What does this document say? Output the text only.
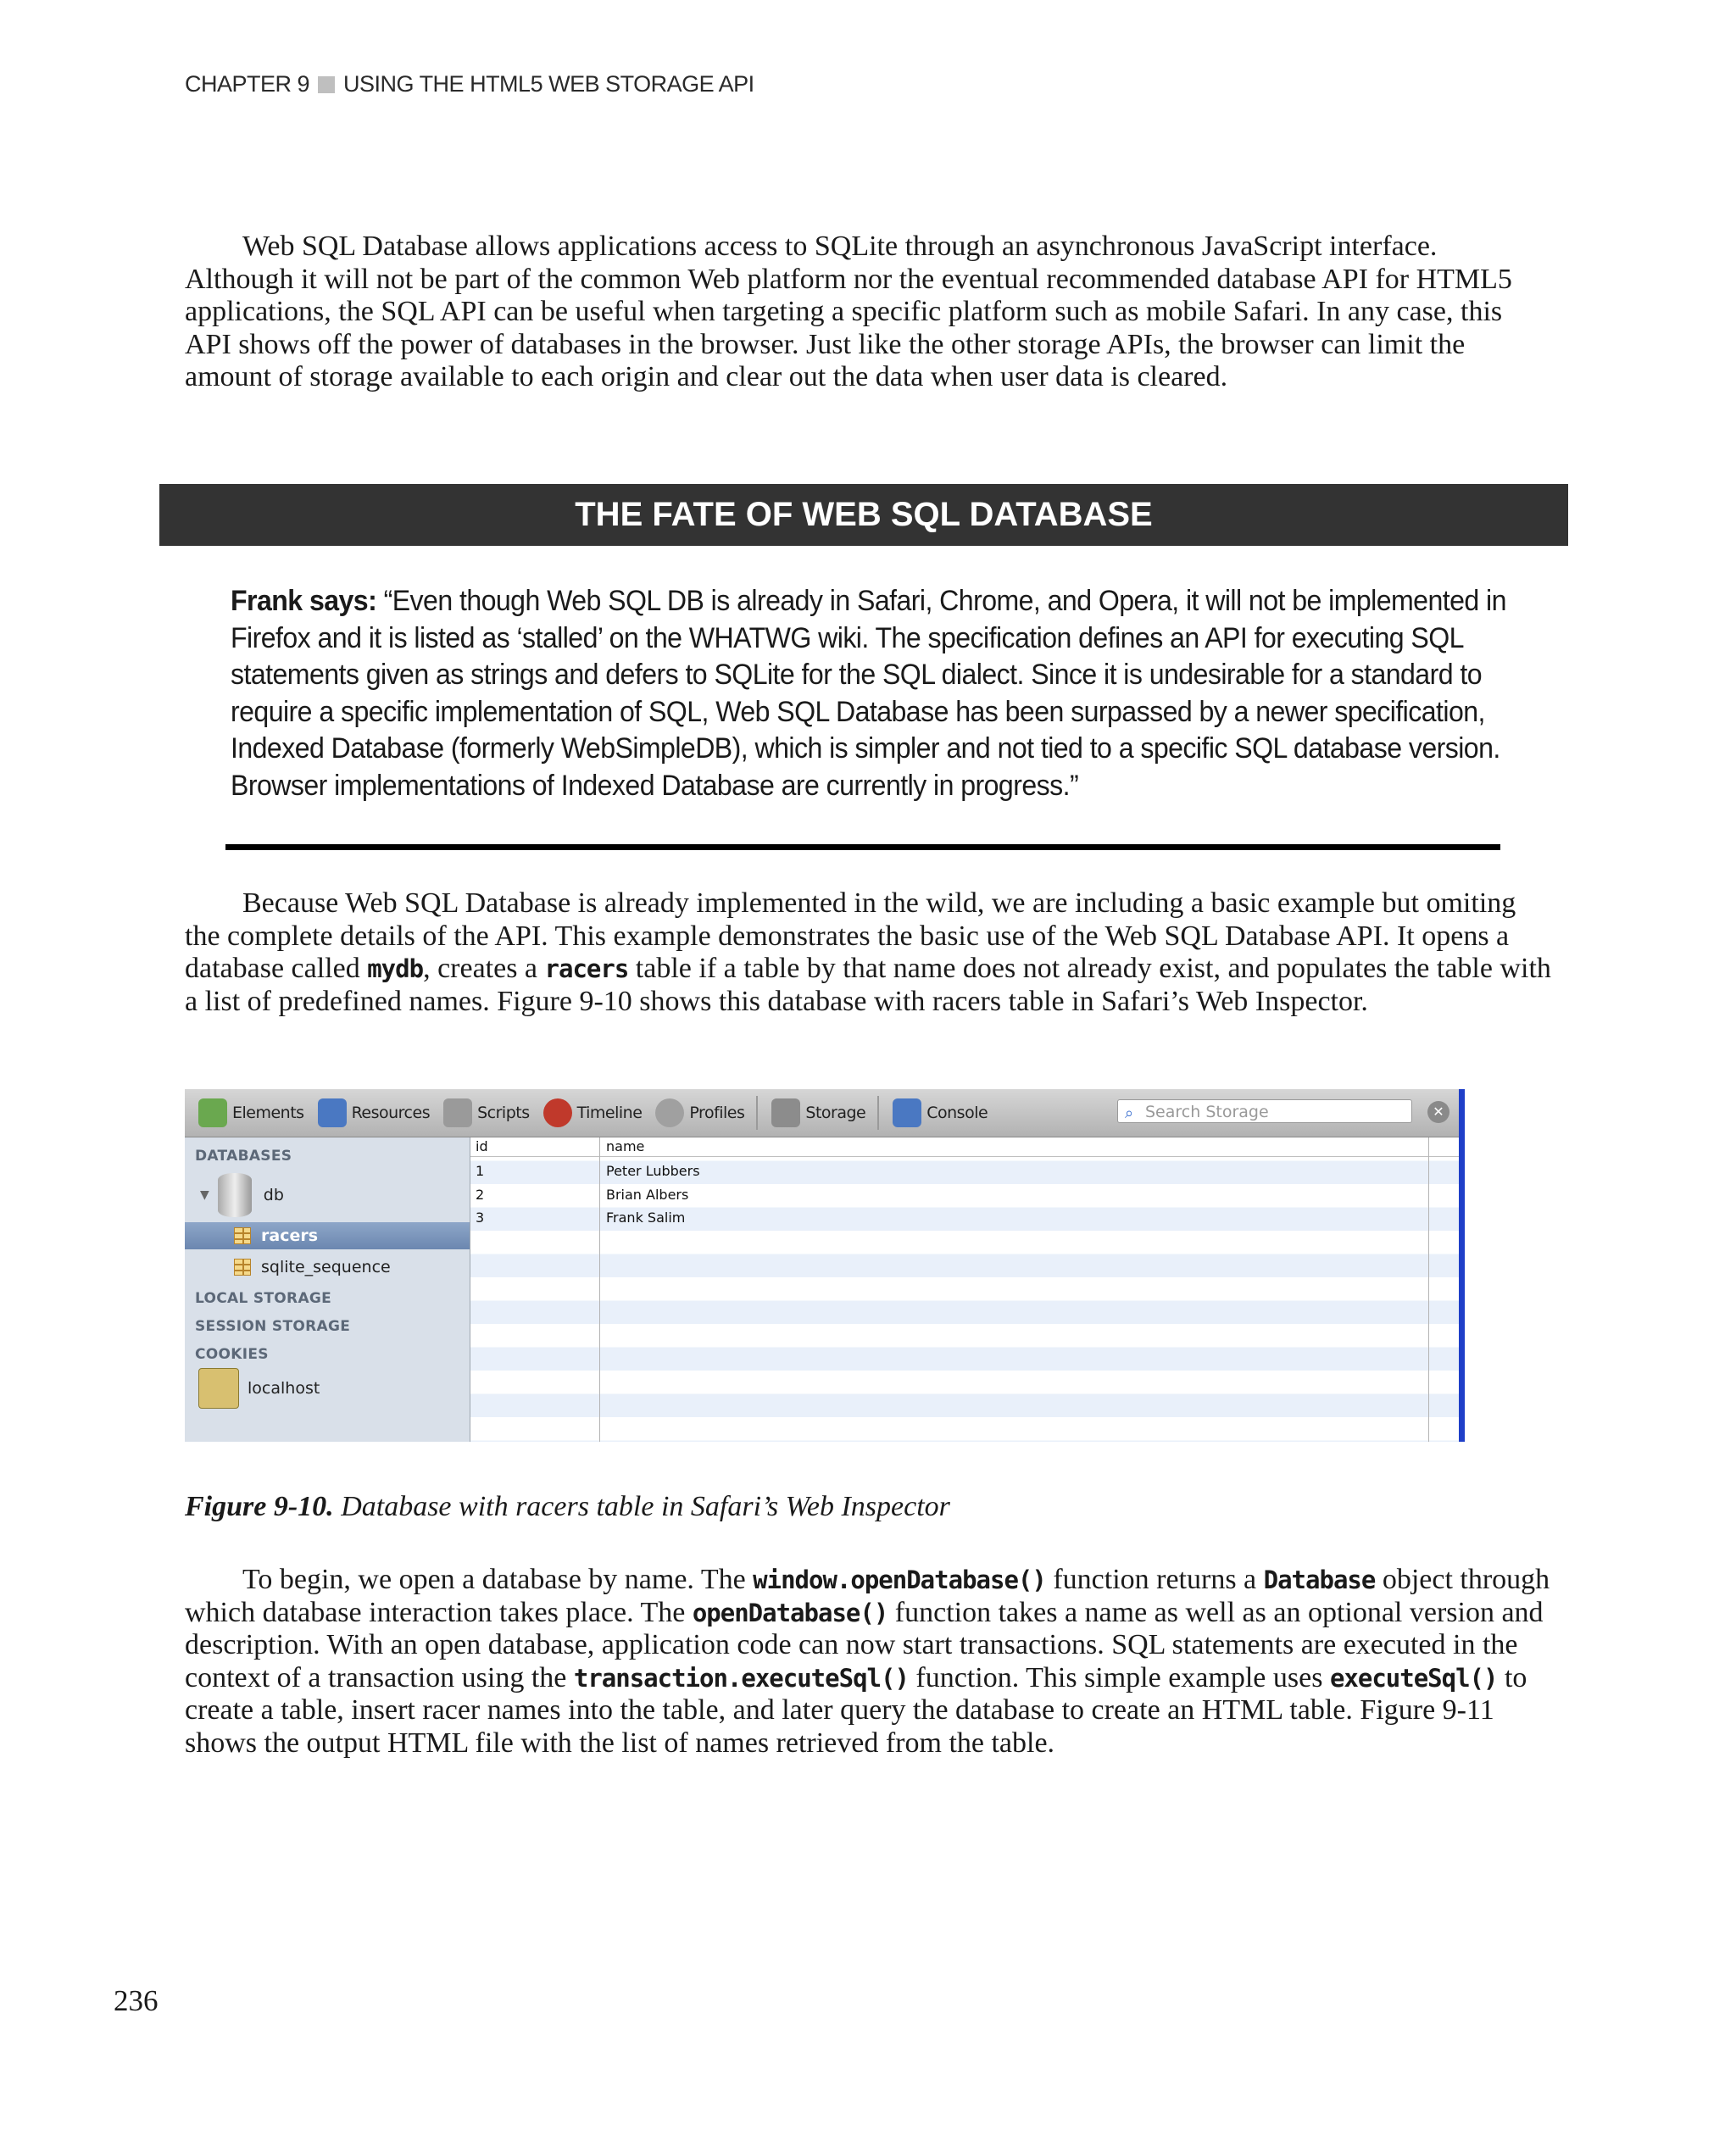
CHAPTER 9 USING THE HTML5 WEB STORAGE API

Web SQL Database allows applications access to SQLite through an asynchronous JavaScript interface. Although it will not be part of the common Web platform nor the eventual recommended database API for HTML5 applications, the SQL API can be useful when targeting a specific platform such as mobile Safari. In any case, this API shows off the power of databases in the browser. Just like the other storage APIs, the browser can limit the amount of storage available to each origin and clear out the data when user data is cleared.

THE FATE OF WEB SQL DATABASE

Frank says: “Even though Web SQL DB is already in Safari, Chrome, and Opera, it will not be implemented in Firefox and it is listed as ‘stalled’ on the WHATWG wiki. The specification defines an API for executing SQL statements given as strings and defers to SQLite for the SQL dialect. Since it is undesirable for a standard to require a specific implementation of SQL, Web SQL Database has been surpassed by a newer specification, Indexed Database (formerly WebSimpleDB), which is simpler and not tied to a specific SQL database version. Browser implementations of Indexed Database are currently in progress.”

Because Web SQL Database is already implemented in the wild, we are including a basic example but omiting the complete details of the API. This example demonstrates the basic use of the Web SQL Database API. It opens a database called mydb, creates a racers table if a table by that name does not already exist, and populates the table with a list of predefined names. Figure 9-10 shows this database with racers table in Safari’s Web Inspector.

Elements	Resources	Scripts	Timeline	Profiles	Storage	Console	⌕ Search Storage	✕
DATABASES
▼	db
racers
sqlite_sequence
LOCAL STORAGE
SESSION STORAGE
COOKIES
localhost
id	name
1	Peter Lubbers
2	Brian Albers
3	Frank Salim

Figure 9-10. Database with racers table in Safari’s Web Inspector

To begin, we open a database by name. The window.openDatabase() function returns a Database object through which database interaction takes place. The openDatabase() function takes a name as well as an optional version and description. With an open database, application code can now start transactions. SQL statements are executed in the context of a transaction using the transaction.executeSql() function. This simple example uses executeSql() to create a table, insert racer names into the table, and later query the database to create an HTML table. Figure 9-11 shows the output HTML file with the list of names retrieved from the table.

236
